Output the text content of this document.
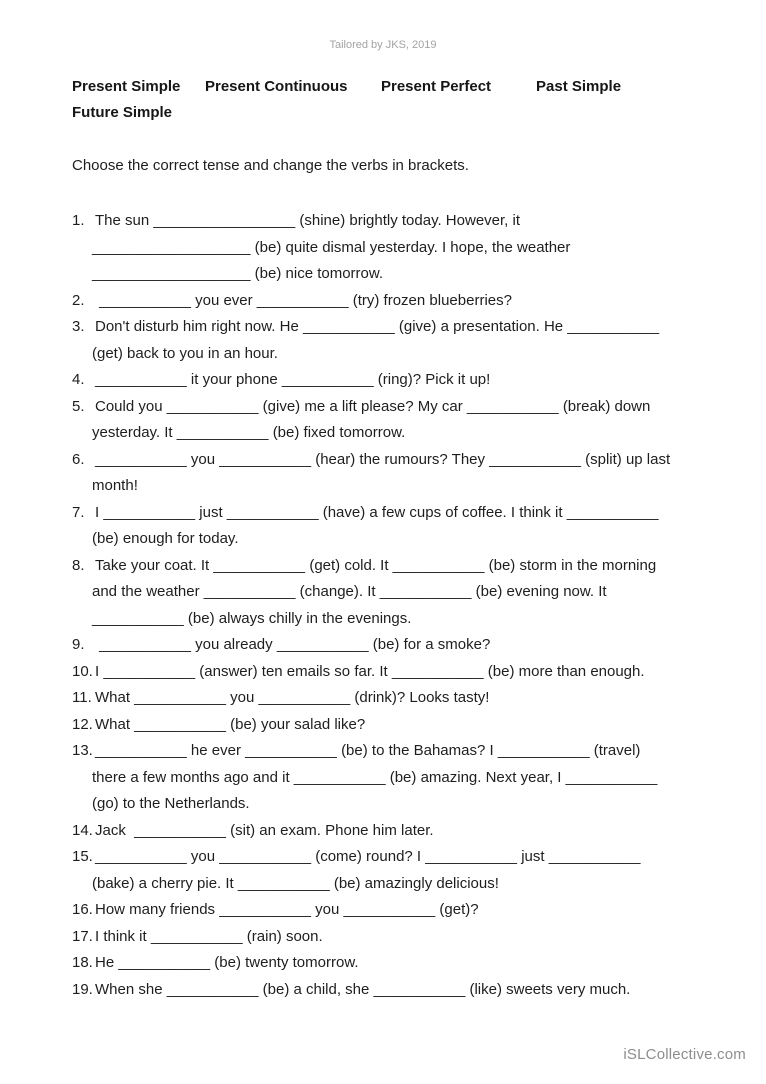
Tailored by JKS, 2019
Present Simple Present Continuous Present Perfect	Past Simple
Future Simple
Choose the correct tense and change the verbs in brackets.
1. The sun _________________ (shine) brightly today. However, it
___________________ (be) quite dismal yesterday. I hope, the weather
___________________ (be) nice tomorrow.
2. ___________ you ever ___________ (try) frozen blueberries?
3. Don't disturb him right now. He ___________ (give) a presentation. He ___________
(get) back to you in an hour.
4. ___________ it your phone ___________ (ring)? Pick it up!
5. Could you ___________ (give) me a lift please? My car ___________ (break) down
yesterday. It ___________ (be) fixed tomorrow.
6. ___________ you ___________ (hear) the rumours? They ___________ (split) up last
month!
7. I ___________ just ___________ (have) a few cups of coffee. I think it ___________
(be) enough for today.
8. Take your coat. It ___________ (get) cold. It ___________ (be) storm in the morning
and the weather ___________ (change). It ___________ (be) evening now. It
___________ (be) always chilly in the evenings.
9. ___________ you already ___________ (be) for a smoke?
10. I ___________ (answer) ten emails so far. It ___________ (be) more than enough.
11. What ___________ you ___________ (drink)? Looks tasty!
12. What ___________ (be) your salad like?
13. ___________ he ever ___________ (be) to the Bahamas? I ___________ (travel)
there a few months ago and it ___________ (be) amazing. Next year, I ___________
(go) to the Netherlands.
14. Jack  ___________ (sit) an exam. Phone him later.
15. ___________ you ___________ (come) round? I ___________ just ___________
(bake) a cherry pie. It ___________ (be) amazingly delicious!
16. How many friends ___________ you ___________ (get)?
17. I think it ___________ (rain) soon.
18. He ___________ (be) twenty tomorrow.
19. When she ___________ (be) a child, she ___________ (like) sweets very much.
iSLCollective.com
